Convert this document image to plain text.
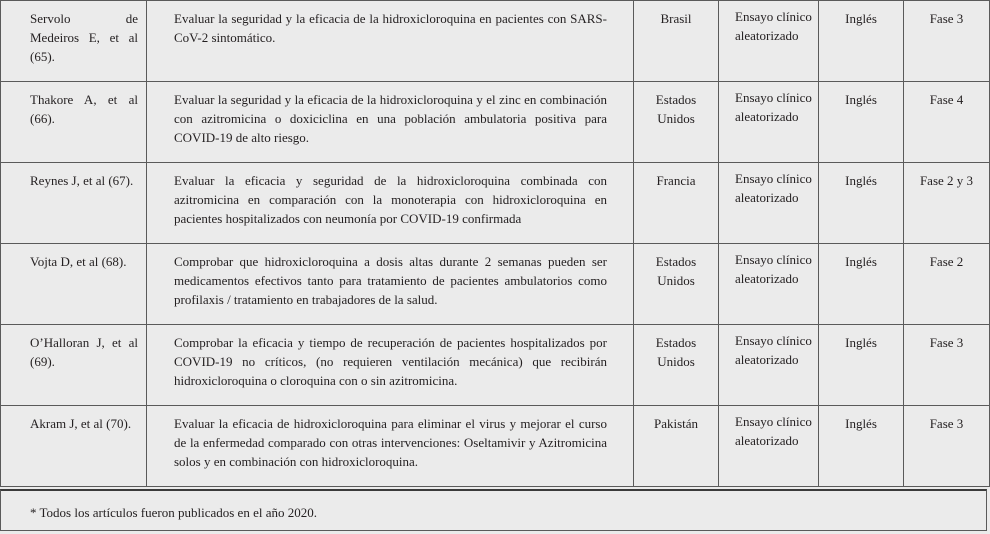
Servolo de Medeiros E, et al (65).	Evaluar la seguridad y la eficacia de la hidroxicloroquina en pacientes con SARS-CoV-2 sintomático.	Brasil	Ensayo clínico aleatorizado	Inglés	Fase 3
Thakore A, et al (66).	Evaluar la seguridad y la eficacia de la hidroxicloroquina y el zinc en combinación con azitromicina o doxiciclina en una población ambulatoria positiva para COVID-19 de alto riesgo.	Estados Unidos	Ensayo clínico aleatorizado	Inglés	Fase 4
Reynes J, et al (67).	Evaluar la eficacia y seguridad de la hidroxicloroquina combinada con azitromicina en comparación con la monoterapia con hidroxicloroquina en pacientes hospitalizados con neumonía por COVID-19 confirmada	Francia	Ensayo clínico aleatorizado	Inglés	Fase 2 y 3
Vojta D, et al (68).	Comprobar que hidroxicloroquina a dosis altas durante 2 semanas pueden ser medicamentos efectivos tanto para tratamiento de pacientes ambulatorios como profilaxis / tratamiento en trabajadores de la salud.	Estados Unidos	Ensayo clínico aleatorizado	Inglés	Fase 2
O’Halloran J, et al (69).	Comprobar la eficacia y tiempo de recuperación de pacientes hospitalizados por COVID-19 no críticos, (no requieren ventilación mecánica) que recibirán hidroxicloroquina o cloroquina con o sin azitromicina.	Estados Unidos	Ensayo clínico aleatorizado	Inglés	Fase 3
Akram J, et al (70).	Evaluar la eficacia de hidroxicloroquina para eliminar el virus y mejorar el curso de la enfermedad comparado con otras intervenciones: Oseltamivir y Azitromicina solos y en combinación con hidroxicloroquina.	Pakistán	Ensayo clínico aleatorizado	Inglés	Fase 3
* Todos los artículos fueron publicados en el año 2020.
